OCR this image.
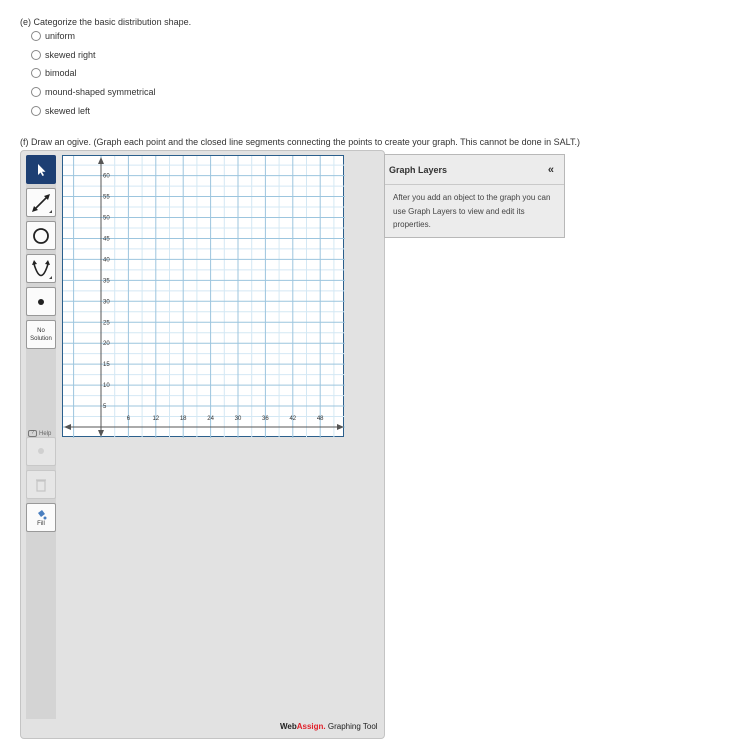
(e) Categorize the basic distribution shape.
uniform
skewed right
bimodal
mound-shaped symmetrical
skewed left
(f) Draw an ogive. (Graph each point and the closed line segments connecting the points to create your graph. This cannot be done in SALT.)
No
Solution
? Help
Fill
6	12	18	24	30	36	42	48
5
10
15
20
25
30
35
40
45
50
55
60
Graph Layers	«
After you add an object to the graph you can use Graph Layers to view and edit its properties.
WebAssign. Graphing Tool
